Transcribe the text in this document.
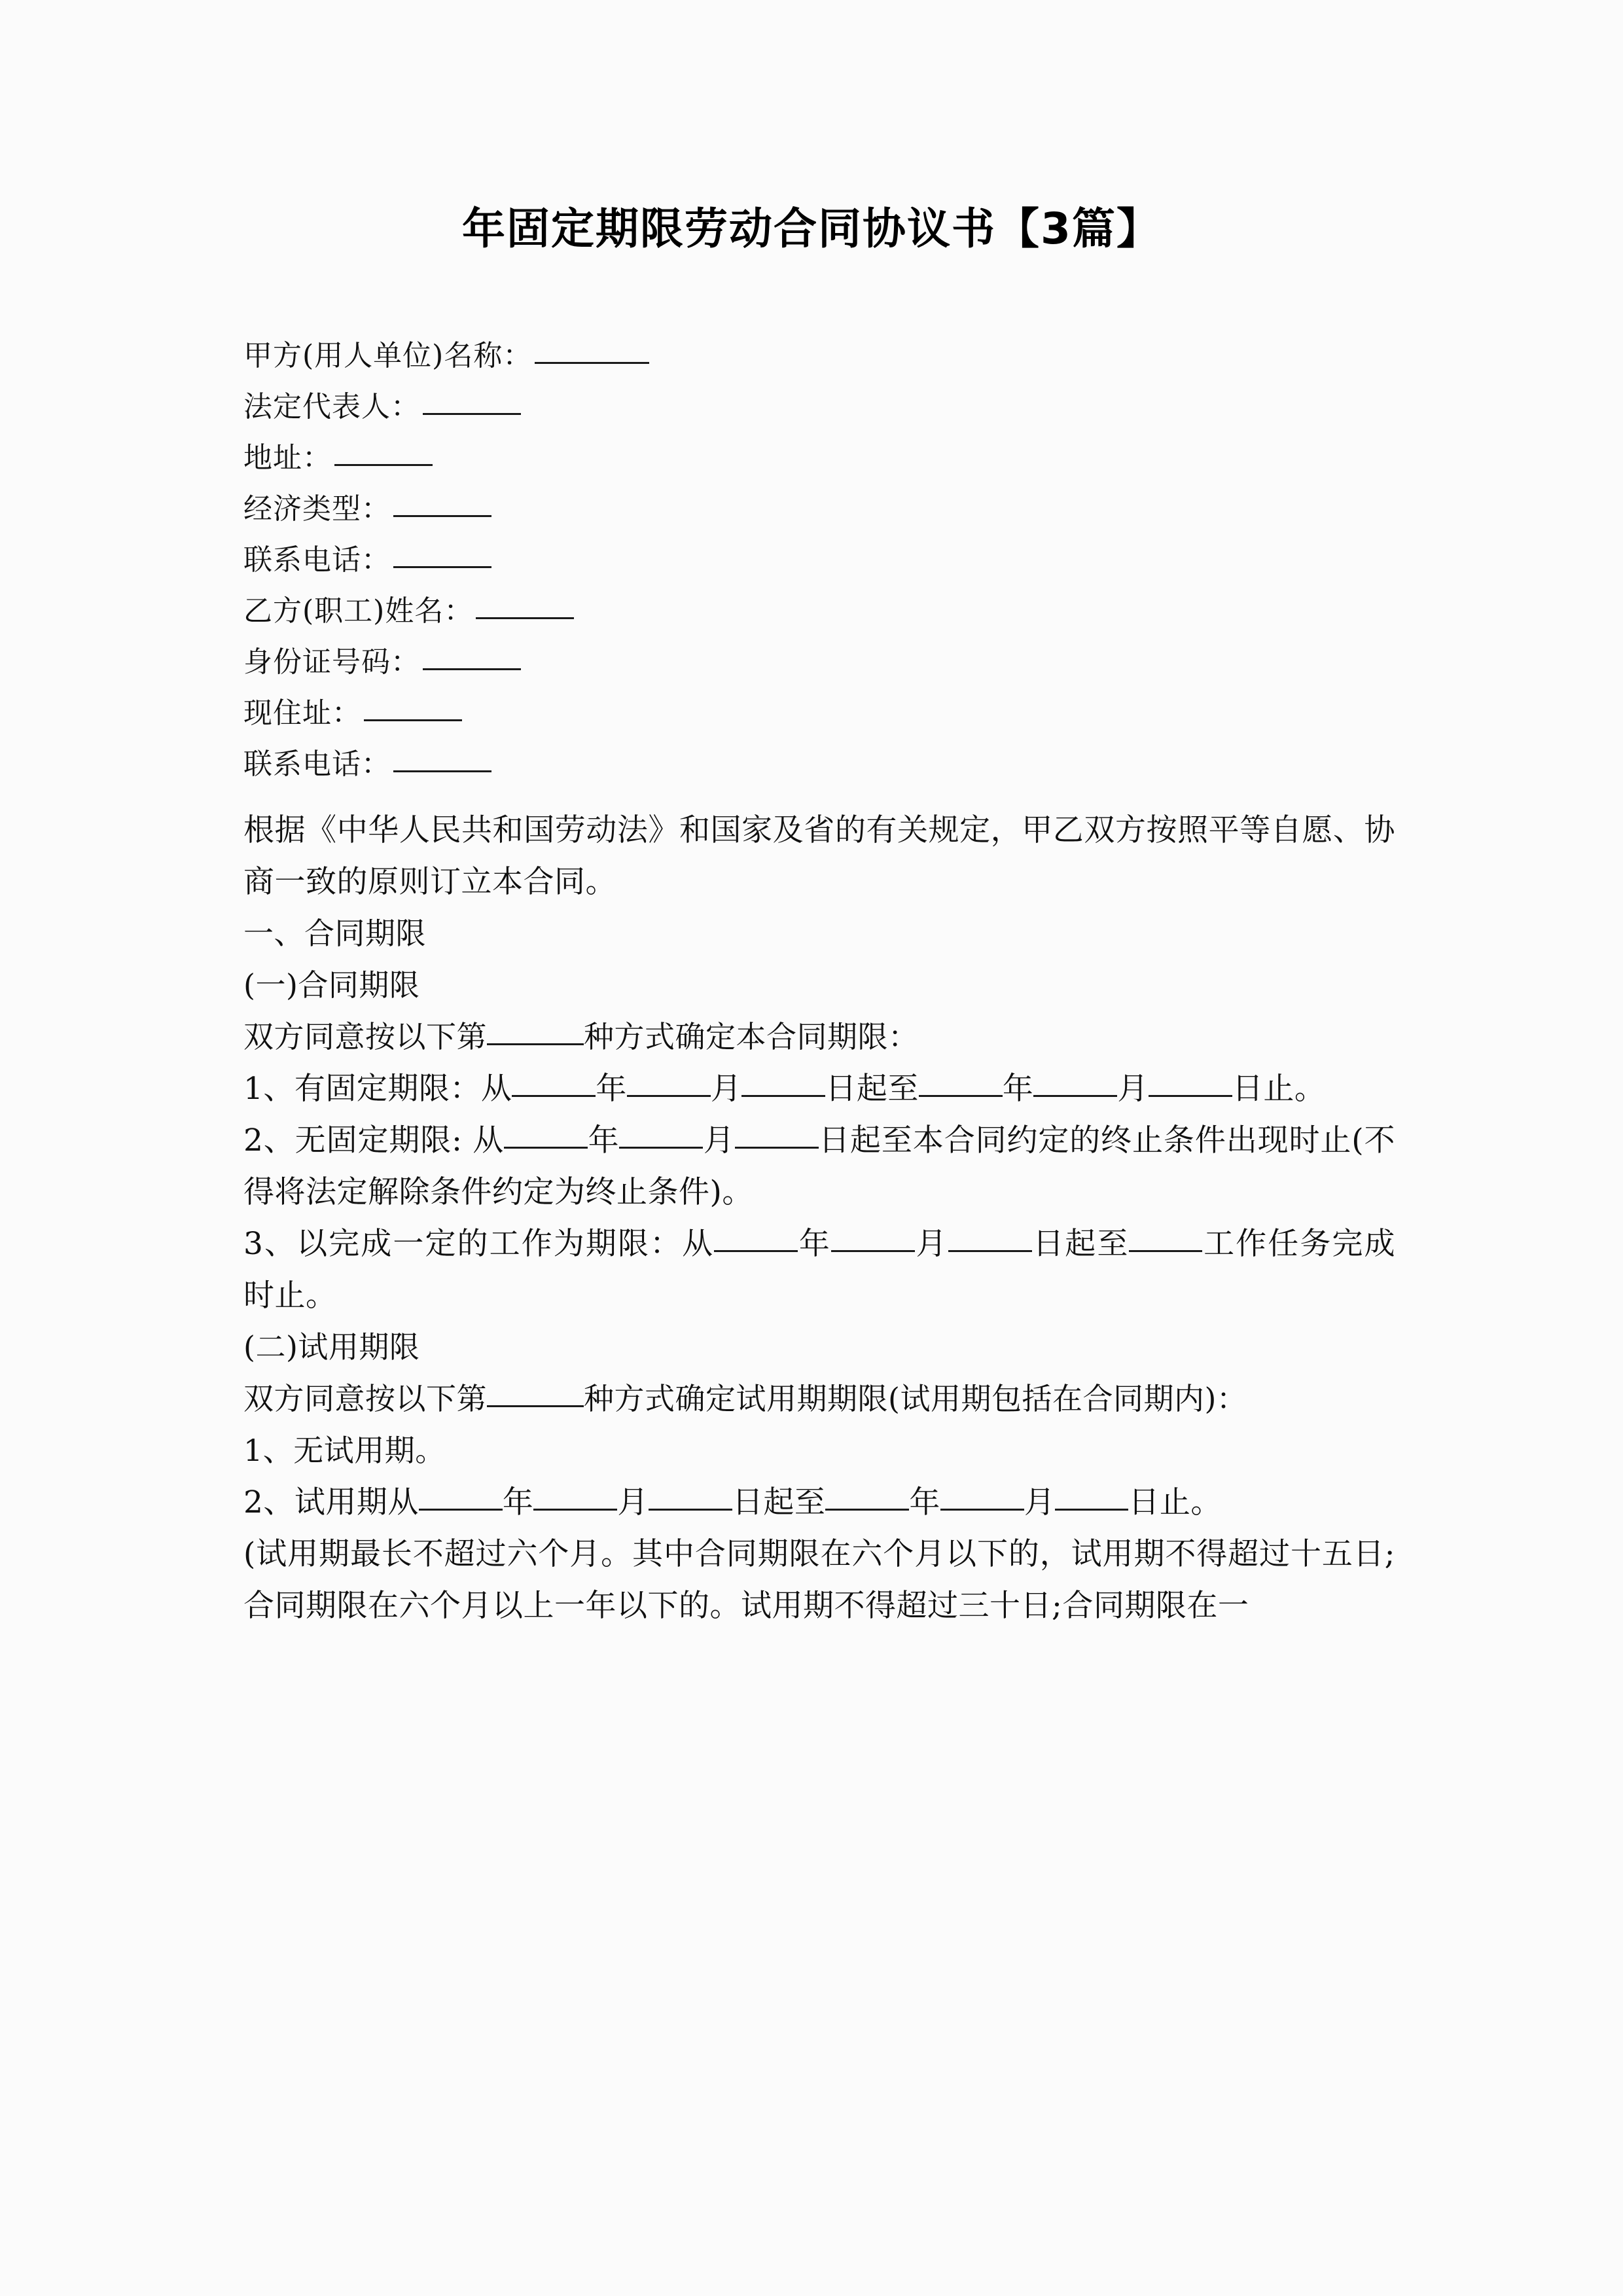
年固定期限劳动合同协议书【3篇】
甲方(用人单位)名称：
法定代表人：
地址：
经济类型：
联系电话：
乙方(职工)姓名：
身份证号码：
现住址：
联系电话：
根据《中华人民共和国劳动法》和国家及省的有关规定，甲乙双方按照平等自愿、协商一致的原则订立本合同。
一、合同期限
(一)合同期限
双方同意按以下第	种方式确定本合同期限：
1、有固定期限：从	年	月	日起至	年	月	日止。
2、无固定期限: 从	年	月	日起至本合同约定的终止条件出现时止(不得将法定解除条件约定为终止条件)。
3、以完成一定的工作为期限：从	年	月	日起至 工作任务完成时止。
(二)试用期限
双方同意按以下第	种方式确定试用期期限(试用期包括在合同期内)：
1、无试用期。
2、试用期从	年	月	日起至	年	月 日止。
(试用期最长不超过六个月。其中合同期限在六个月以下的，试用期不得超过十五日;合同期限在六个月以上一年以下的。试用期不得超过三十日;合同期限在一
